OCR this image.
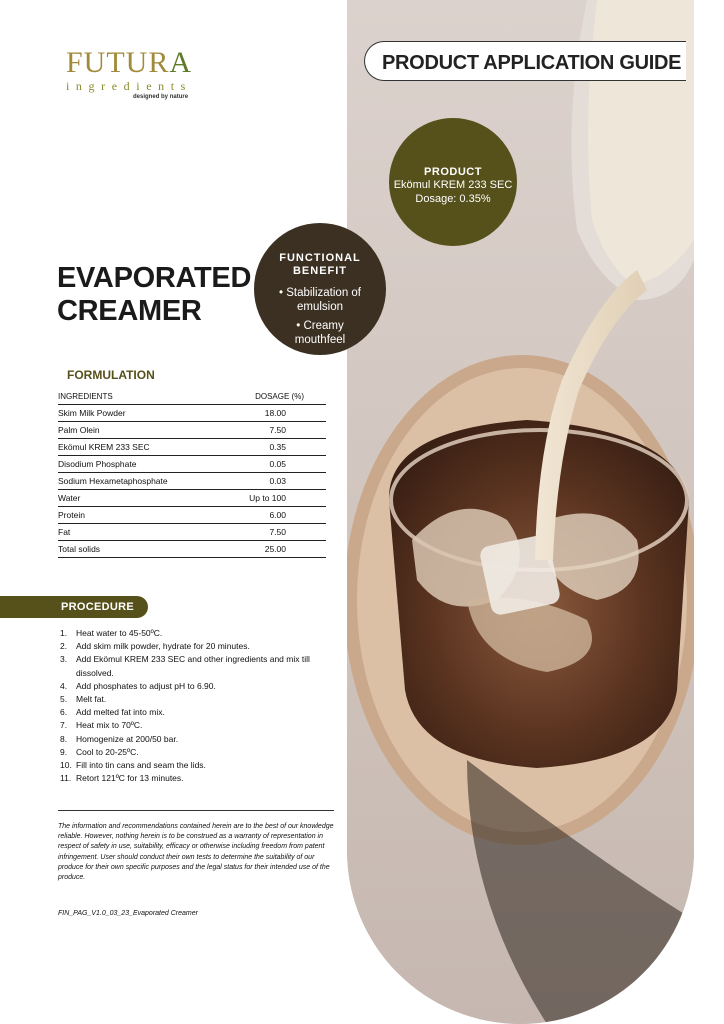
FUTURA
ingredients
designed by nature
PRODUCT APPLICATION GUIDE
PRODUCT
Ekömul KREM 233 SEC
Dosage: 0.35%
FUNCTIONAL BENEFIT
• Stabilization of emulsion
• Creamy mouthfeel
EVAPORATED
CREAMER
FORMULATION
INGREDIENTS	DOSAGE (%)
Skim Milk Powder	18.00
Palm Olein	7.50
Ekömul KREM 233 SEC	0.35
Disodium Phosphate	0.05
Sodium Hexametaphosphate	0.03
Water	Up to 100
Protein	6.00
Fat	7.50
Total solids	25.00
PROCEDURE
1. Heat water to 45-50ºC.
2. Add skim milk powder, hydrate for 20 minutes.
3. Add Ekömul KREM 233 SEC and other ingredients and mix till dissolved.
4. Add phosphates to adjust pH to 6.90.
5. Melt fat.
6. Add melted fat into mix.
7. Heat mix to 70ºC.
8. Homogenize at 200/50 bar.
9. Cool to 20-25ºC.
10. Fill into tin cans and seam the lids.
11. Retort 121ºC for 13 minutes.
The information and recommendations contained herein are to the best of our knowledge reliable. However, nothing herein is to be construed as a warranty of representation in respect of safety in use, suitability, efficacy or otherwise including freedom from patent infringement. User should conduct their own tests to determine the suitability of our produce for their own specific purposes and the legal status for their intended use of the produce.
FIN_PAG_V1.0_03_23_Evaporated Creamer
